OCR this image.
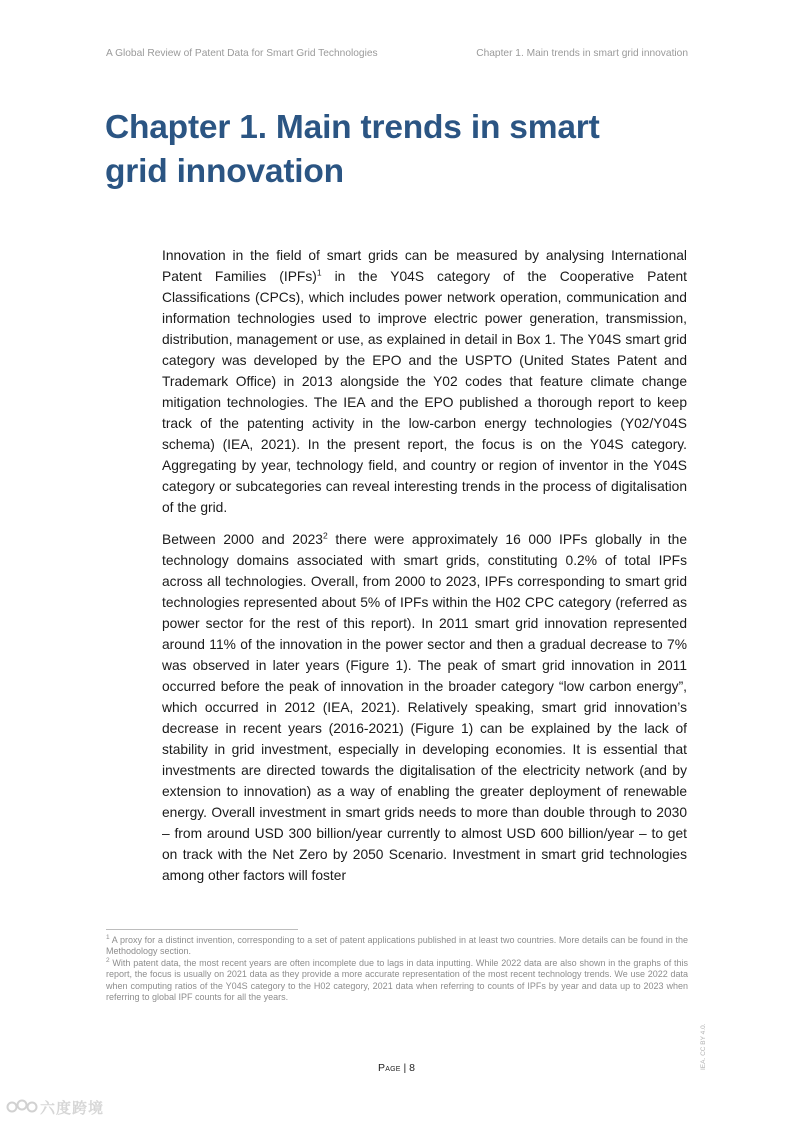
A Global Review of Patent Data for Smart Grid Technologies	Chapter 1. Main trends in smart grid innovation
Chapter 1. Main trends in smart
grid innovation

Innovation in the field of smart grids can be measured by analysing International Patent Families (IPFs)$^1$ in the Y04S category of the Cooperative Patent Classifications (CPCs), which includes power network operation, communication and information technologies used to improve electric power generation, transmission, distribution, management or use, as explained in detail in Box 1. The Y04S smart grid category was developed by the EPO and the USPTO (United States Patent and Trademark Office) in 2013 alongside the Y02 codes that feature climate change mitigation technologies. The IEA and the EPO published a thorough report to keep track of the patenting activity in the low-carbon energy technologies (Y02/Y04S schema) (IEA, 2021). In the present report, the focus is on the Y04S category. Aggregating by year, technology field, and country or region of inventor in the Y04S category or subcategories can reveal interesting trends in the process of digitalisation of the grid.

Between 2000 and 2023$^2$ there were approximately 16 000 IPFs globally in the technology domains associated with smart grids, constituting 0.2% of total IPFs across all technologies. Overall, from 2000 to 2023, IPFs corresponding to smart grid technologies represented about 5% of IPFs within the H02 CPC category (referred as power sector for the rest of this report). In 2011 smart grid innovation represented around 11% of the innovation in the power sector and then a gradual decrease to 7% was observed in later years (Figure 1). The peak of smart grid innovation in 2011 occurred before the peak of innovation in the broader category “low carbon energy”, which occurred in 2012 (IEA, 2021). Relatively speaking, smart grid innovation’s decrease in recent years (2016-2021) (Figure 1) can be explained by the lack of stability in grid investment, especially in developing economies. It is essential that investments are directed towards the digitalisation of the electricity network (and by extension to innovation) as a way of enabling the greater deployment of renewable energy. Overall investment in smart grids needs to more than double through to 2030 – from around USD 300 billion/year currently to almost USD 600 billion/year – to get on track with the Net Zero by 2050 Scenario. Investment in smart grid technologies among other factors will foster

$^1$ A proxy for a distinct invention, corresponding to a set of patent applications published in at least two countries. More details can be found in the Methodology section.

$^2$ With patent data, the most recent years are often incomplete due to lags in data inputting. While 2022 data are also shown in the graphs of this report, the focus is usually on 2021 data as they provide a more accurate representation of the most recent technology trends. We use 2022 data when computing ratios of the Y04S category to the H02 category, 2021 data when referring to counts of IPFs by year and data up to 2023 when referring to global IPF counts for all the years.

IEA. CC BY 4.0.
Page | 8
六度跨境
